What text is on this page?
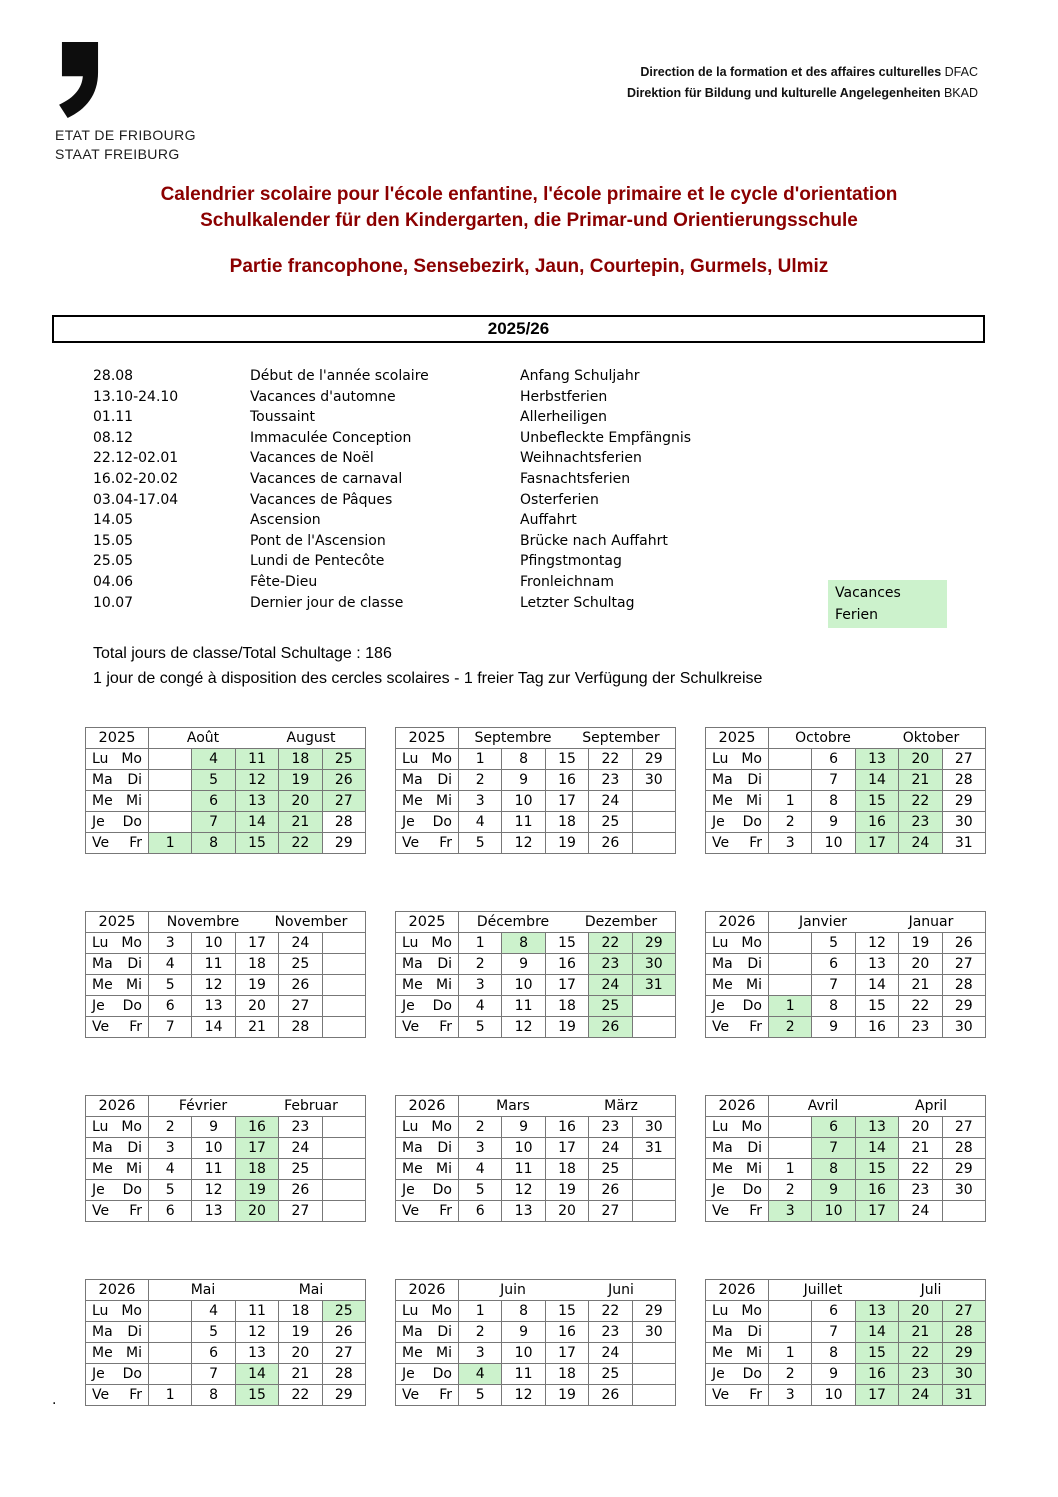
ETAT DE FRIBOURG
STAAT FREIBURG
Direction de la formation et des affaires culturelles DFAC
Direktion für Bildung und kulturelle Angelegenheiten BKAD
Calendrier scolaire pour l'école enfantine, l'école primaire et le cycle d'orientation
Schulkalender für den Kindergarten, die Primar-und Orientierungsschule
Partie francophone, Sensebezirk, Jaun, Courtepin, Gurmels, Ulmiz
2025/26
28.08	Début de l'année scolaire	Anfang Schuljahr
13.10-24.10	Vacances d'automne	Herbstferien
01.11	Toussaint	Allerheiligen
08.12	Immaculée Conception	Unbefleckte Empfängnis
22.12-02.01	Vacances de Noël	Weihnachtsferien
16.02-20.02	Vacances de carnaval	Fasnachtsferien
03.04-17.04	Vacances de Pâques	Osterferien
14.05	Ascension	Auffahrt
15.05	Pont de l'Ascension	Brücke nach Auffahrt
25.05	Lundi de Pentecôte	Pfingstmontag
04.06	Fête-Dieu	Fronleichnam
10.07	Dernier jour de classe	Letzter Schultag
Vacances
Ferien
Total jours de classe/Total Schultage : 186
1 jour de congé à disposition des cercles scolaires - 1 freier Tag zur Verfügung der Schulkreise
2025	Août August				

Lu Mo		4	11	18	25

Ma Di		5	12	19	26

Me Mi		6	13	20	27

Je Do		7	14	21	28

Ve Fr	1	8	15	22	29
2025	Septembre September				

Lu Mo	1	8	15	22	29

Ma Di	2	9	16	23	30

Me Mi	3	10	17	24	

Je Do	4	11	18	25	

Ve Fr	5	12	19	26	
2025	Octobre Oktober				

Lu Mo		6	13	20	27

Ma Di		7	14	21	28

Me Mi	1	8	15	22	29

Je Do	2	9	16	23	30

Ve Fr	3	10	17	24	31
2025	Novembre November				

Lu Mo	3	10	17	24	

Ma Di	4	11	18	25	

Me Mi	5	12	19	26	

Je Do	6	13	20	27	

Ve Fr	7	14	21	28	
2025	Décembre Dezember				

Lu Mo	1	8	15	22	29

Ma Di	2	9	16	23	30

Me Mi	3	10	17	24	31

Je Do	4	11	18	25	

Ve Fr	5	12	19	26	
2026	Janvier Januar				

Lu Mo		5	12	19	26

Ma Di		6	13	20	27

Me Mi		7	14	21	28

Je Do	1	8	15	22	29

Ve Fr	2	9	16	23	30
2026	Février Februar				

Lu Mo	2	9	16	23	

Ma Di	3	10	17	24	

Me Mi	4	11	18	25	

Je Do	5	12	19	26	

Ve Fr	6	13	20	27	
2026	Mars März				

Lu Mo	2	9	16	23	30

Ma Di	3	10	17	24	31

Me Mi	4	11	18	25	

Je Do	5	12	19	26	

Ve Fr	6	13	20	27	
2026	Avril April				

Lu Mo		6	13	20	27

Ma Di		7	14	21	28

Me Mi	1	8	15	22	29

Je Do	2	9	16	23	30

Ve Fr	3	10	17	24	
2026	Mai Mai				

Lu Mo		4	11	18	25

Ma Di		5	12	19	26

Me Mi		6	13	20	27

Je Do		7	14	21	28

Ve Fr	1	8	15	22	29
2026	Juin Juni				

Lu Mo	1	8	15	22	29

Ma Di	2	9	16	23	30

Me Mi	3	10	17	24	

Je Do	4	11	18	25	

Ve Fr	5	12	19	26	
2026	Juillet Juli				

Lu Mo		6	13	20	27

Ma Di		7	14	21	28

Me Mi	1	8	15	22	29

Je Do	2	9	16	23	30

Ve Fr	3	10	17	24	31
.
